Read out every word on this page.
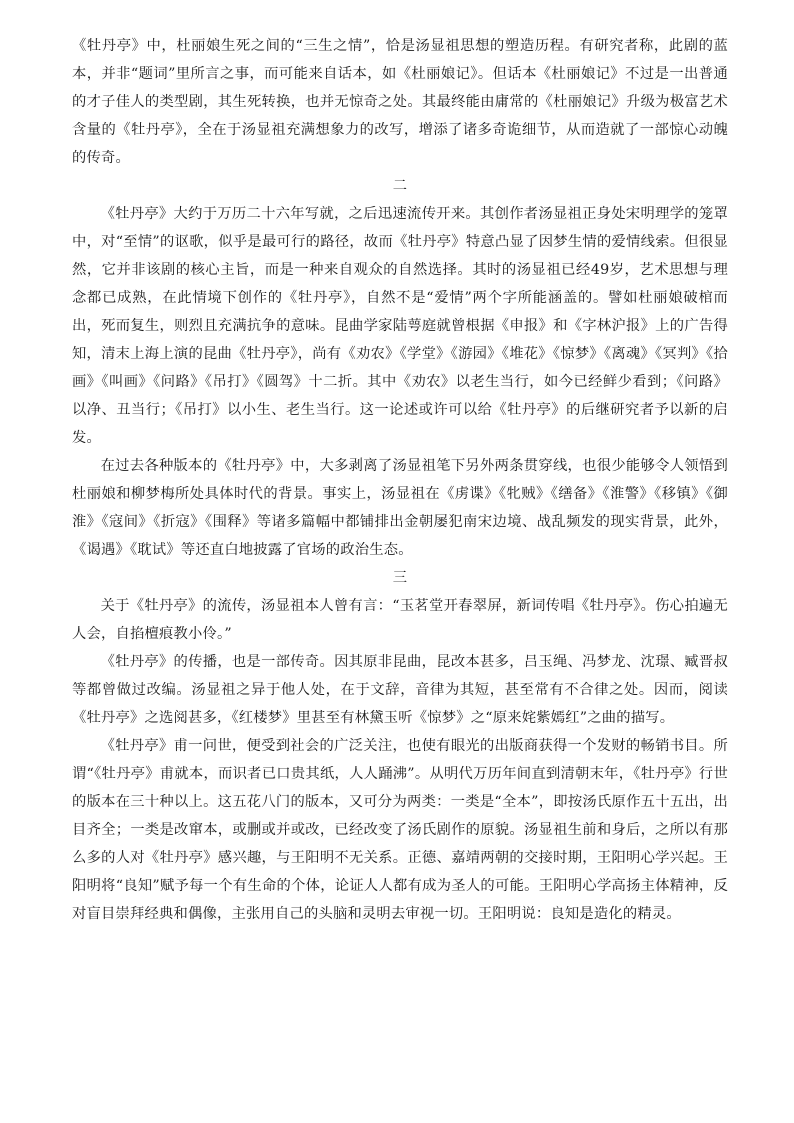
《牡丹亭》中，杜丽娘生死之间的“三生之情”，恰是汤显祖思想的塑造历程。有研究者称，此剧的蓝本，并非“题词”里所言之事，而可能来自话本，如《杜丽娘记》。但话本《杜丽娘记》不过是一出普通的才子佳人的类型剧，其生死转换，也并无惊奇之处。其最终能由庸常的《杜丽娘记》升级为极富艺术含量的《牡丹亭》，全在于汤显祖充满想象力的改写，增添了诸多奇诡细节，从而造就了一部惊心动魄的传奇。

二

《牡丹亭》大约于万历二十六年写就，之后迅速流传开来。其创作者汤显祖正身处宋明理学的笼罩中，对“至情”的讴歌，似乎是最可行的路径，故而《牡丹亭》特意凸显了因梦生情的爱情线索。但很显然，它并非该剧的核心主旨，而是一种来自观众的自然选择。其时的汤显祖已经49岁，艺术思想与理念都已成熟，在此情境下创作的《牡丹亭》，自然不是“爱情”两个字所能涵盖的。譬如杜丽娘破棺而出，死而复生，则烈且充满抗争的意味。昆曲学家陆萼庭就曾根据《申报》和《字林沪报》上的广告得知，清末上海上演的昆曲《牡丹亭》，尚有《劝农》《学堂》《游园》《堆花》《惊梦》《离魂》《冥判》《拾画》《叫画》《问路》《吊打》《圆驾》十二折。其中《劝农》以老生当行，如今已经鲜少看到；《问路》以净、丑当行；《吊打》以小生、老生当行。这一论述或许可以给《牡丹亭》的后继研究者予以新的启发。

在过去各种版本的《牡丹亭》中，大多剥离了汤显祖笔下另外两条贯穿线，也很少能够令人领悟到杜丽娘和柳梦梅所处具体时代的背景。事实上，汤显祖在《虏谍》《牝贼》《缮备》《淮警》《移镇》《御淮》《寇间》《折寇》《围释》等诸多篇幅中都铺排出金朝屡犯南宋边境、战乱频发的现实背景，此外，《谒遇》《耽试》等还直白地披露了官场的政治生态。

三

关于《牡丹亭》的流传，汤显祖本人曾有言：“玉茗堂开春翠屏，新词传唱《牡丹亭》。伤心拍遍无人会，自掐檀痕教小伶。”

《牡丹亭》的传播，也是一部传奇。因其原非昆曲，昆改本甚多，吕玉绳、冯梦龙、沈璟、臧晋叔等都曾做过改编。汤显祖之异于他人处，在于文辞，音律为其短，甚至常有不合律之处。因而，阅读《牡丹亭》之选阅甚多，《红楼梦》里甚至有林黛玉听《惊梦》之“原来姹紫嫣红”之曲的描写。

《牡丹亭》甫一问世，便受到社会的广泛关注，也使有眼光的出版商获得一个发财的畅销书目。所谓“《牡丹亭》甫就本，而识者已口贵其纸，人人踊沸”。从明代万历年间直到清朝末年，《牡丹亭》行世的版本在三十种以上。这五花八门的版本，又可分为两类：一类是“全本”，即按汤氏原作五十五出，出目齐全；一类是改窜本，或删或并或改，已经改变了汤氏剧作的原貌。汤显祖生前和身后，之所以有那么多的人对《牡丹亭》感兴趣，与王阳明不无关系。正德、嘉靖两朝的交接时期，王阳明心学兴起。王阳明将“良知”赋予每一个有生命的个体，论证人人都有成为圣人的可能。王阳明心学高扬主体精神，反对盲目崇拜经典和偶像，主张用自己的头脑和灵明去审视一切。王阳明说：良知是造化的精灵。
